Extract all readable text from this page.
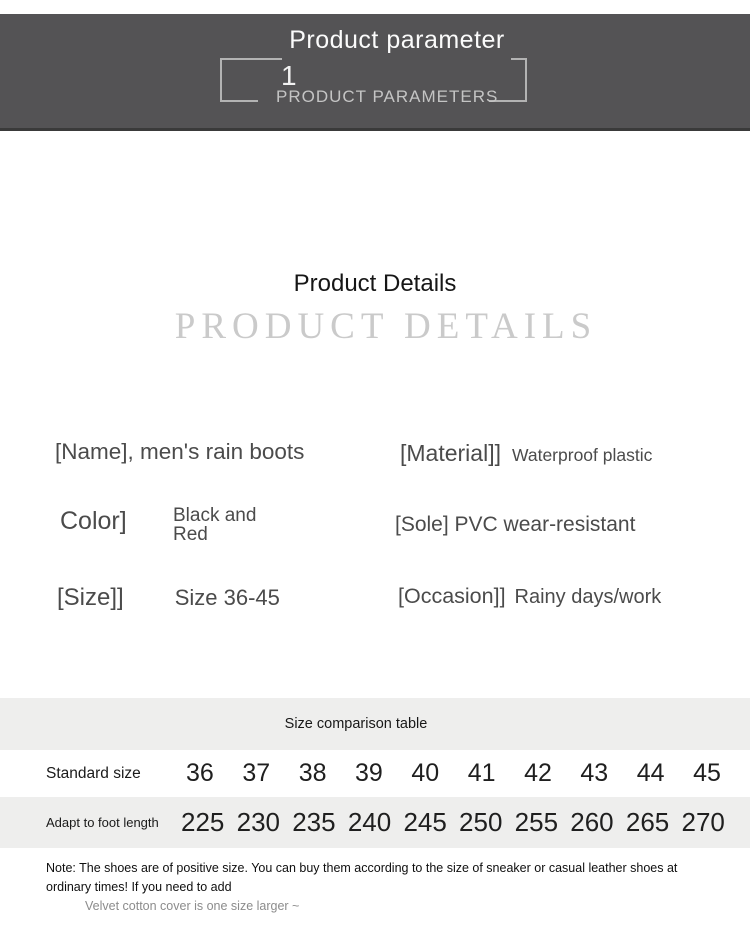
Product parameter
1
PRODUCT PARAMETERS
Product Details
PRODUCT DETAILS
[Name], men's rain boots	[Material]] Waterproof plastic
Color] Black and
Red	[Sole] PVC wear-resistant
[Size]] Size 36-45	[Occasion]] Rainy days/work
Size comparison table
Standard size 36 37 38 39 40 41 42 43 44 45
Adapt to foot length 225 230 235 240 245 250 255 260 265 270
Note: The shoes are of positive size. You can buy them according to the size of sneaker or casual leather shoes at ordinary times! If you need to add
Velvet cotton cover is one size larger ~
